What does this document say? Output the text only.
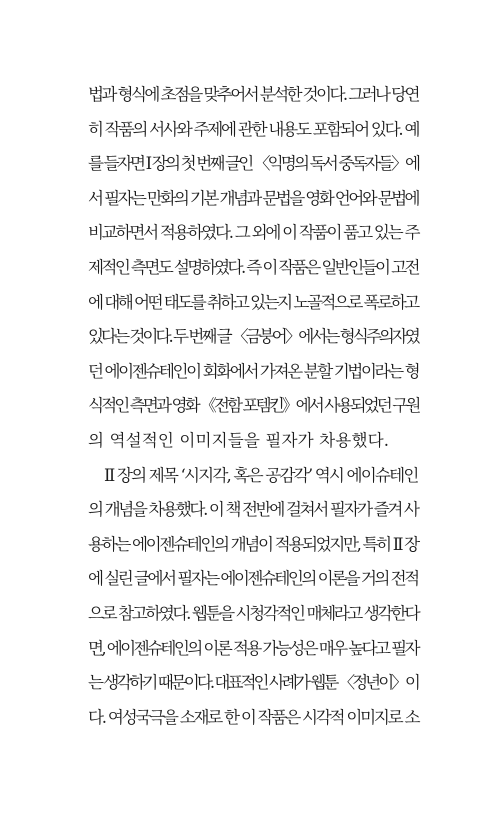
법과 형식에 초점을 맞추어서 분석한 것이다. 그러나 당연
히 작품의 서사와 주제에 관한 내용도 포함되어 있다. 예
를 들자면 I 장의 첫 번째 글인 〈익명의 독서 중독자들〉에
서 필자는 만화의 기본 개념과 문법을 영화 언어와 문법에
비교하면서 적용하였다. 그 외에 이 작품이 품고 있는 주
제적인 측면도 설명하였다. 즉 이 작품은 일반인들이 고전
에 대해 어떤 태도를 취하고 있는지 노골적으로 폭로하고
있다는 것이다. 두 번째 글 〈금붕어〉에서는 형식주의자였
던 에이젠슈테인이 회화에서 가져온 분할 기법이라는 형
식적인 측면과 영화 《전함 포템킨》에서 사용되었던 구원
의 역설적인 이미지들을 필자가 차용했다.
II 장의 제목 ‘시지각, 혹은 공감각’ 역시 에이슈테인
의 개념을 차용했다. 이 책 전반에 걸쳐서 필자가 즐겨 사
용하는 에이젠슈테인의 개념이 적용되었지만, 특히 II 장
에 실린 글에서 필자는 에이젠슈테인의 이론을 거의 전적
으로 참고하였다. 웹툰을 시청각적인 매체라고 생각한다
면, 에이젠슈테인의 이론 적용 가능성은 매우 높다고 필자
는 생각하기 때문이다. 대표적인 사례가 웹툰 〈정년이〉이
다. 여성국극을 소재로 한 이 작품은 시각적 이미지로 소
